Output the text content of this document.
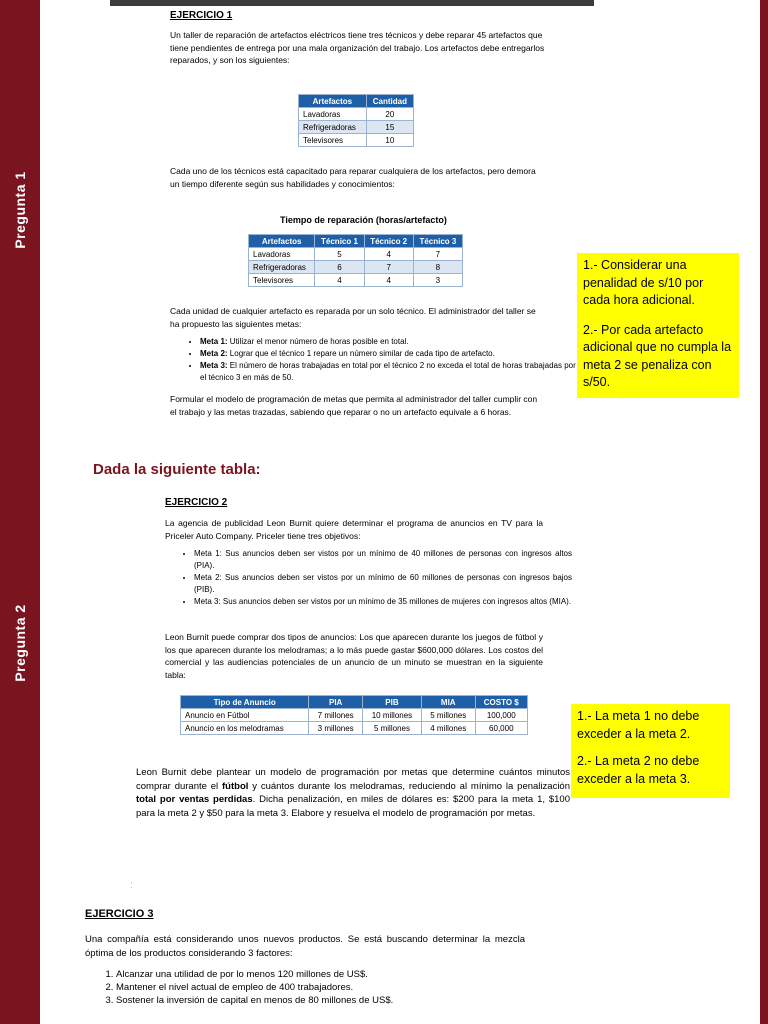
Pregunta 1
Pregunta 2
EJERCICIO 1
Un taller de reparación de artefactos eléctricos tiene tres técnicos y debe reparar 45 artefactos que tiene pendientes de entrega por una mala organización del trabajo. Los artefactos debe entregarlos reparados, y son los siguientes:
Artefactos	Cantidad
Lavadoras	20
Refrigeradoras	15
Televisores	10
Cada uno de los técnicos está capacitado para reparar cualquiera de los artefactos, pero demora un tiempo diferente según sus habilidades y conocimientos:
Tiempo de reparación (horas/artefacto)
Artefactos	Técnico 1	Técnico 2	Técnico 3
Lavadoras	5	4	7
Refrigeradoras	6	7	8
Televisores	4	4	3
Cada unidad de cualquier artefacto es reparada por un solo técnico. El administrador del taller se ha propuesto las siguientes metas:
• Meta 1: Utilizar el menor número de horas posible en total.
• Meta 2: Lograr que el técnico 1 repare un número similar de cada tipo de artefacto.
• Meta 3: El número de horas trabajadas en total por el técnico 2 no exceda el total de horas trabajadas por el técnico 3 en más de 50.
Formular el modelo de programación de metas que permita al administrador del taller cumplir con el trabajo y las metas trazadas, sabiendo que reparar o no un artefacto equivale a 6 horas.
1.- Considerar una penalidad de s/10 por cada hora adicional.
2.- Por cada artefacto adicional que no cumpla la meta 2 se penaliza con s/50.
Dada la siguiente tabla:
EJERCICIO 2
La agencia de publicidad Leon Burnit quiere determinar el programa de anuncios en TV para la Priceler Auto Company. Priceler tiene tres objetivos:
• Meta 1: Sus anuncios deben ser vistos por un mínimo de 40 millones de personas con ingresos altos (PIA).
• Meta 2: Sus anuncios deben ser vistos por un mínimo de 60 millones de personas con ingresos bajos (PIB).
• Meta 3: Sus anuncios deben ser vistos por un mínimo de 35 millones de mujeres con ingresos altos (MIA).
Leon Burnit puede comprar dos tipos de anuncios: Los que aparecen durante los juegos de fútbol y los que aparecen durante los melodramas; a lo más puede gastar $600,000 dólares. Los costos del comercial y las audiencias potenciales de un anuncio de un minuto se muestran en la siguiente tabla:
Tipo de Anuncio	PIA	PIB	MIA	COSTO $
Anuncio en Fútbol	7 millones	10 millones	5 millones	100,000
Anuncio en los melodramas	3 millones	5 millones	4 millones	60,000
Leon Burnit debe plantear un modelo de programación por metas que determine cuántos minutos comprar durante el fútbol y cuántos durante los melodramas, reduciendo al mínimo la penalización total por ventas perdidas. Dicha penalización, en miles de dólares es: $200 para la meta 1, $100 para la meta 2 y $50 para la meta 3. Elabore y resuelva el modelo de programación por metas.
1.- La meta 1 no debe exceder a la meta 2.
2.- La meta 2 no debe exceder a la meta 3.
:
EJERCICIO 3
Una compañía está considerando unos nuevos productos. Se está buscando determinar la mezcla óptima de los productos considerando 3 factores:
1. Alcanzar una utilidad de por lo menos 120 millones de US$.
2. Mantener el nivel actual de empleo de 400 trabajadores.
3. Sostener la inversión de capital en menos de 80 millones de US$.
